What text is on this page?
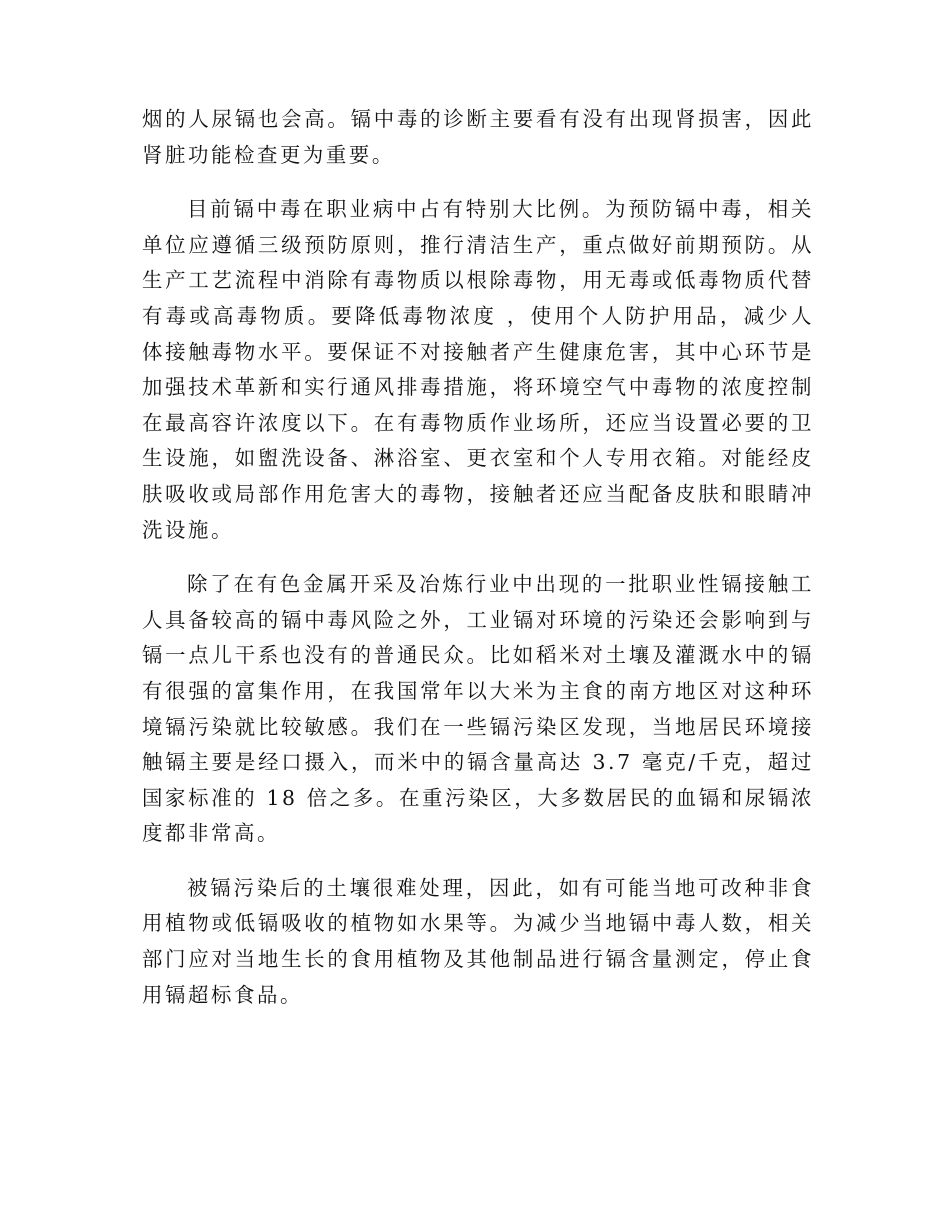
烟的人尿镉也会高。镉中毒的诊断主要看有没有出现肾损害，因此肾脏功能检查更为重要。

目前镉中毒在职业病中占有特别大比例。为预防镉中毒，相关单位应遵循三级预防原则，推行清洁生产，重点做好前期预防。从生产工艺流程中消除有毒物质以根除毒物，用无毒或低毒物质代替有毒或高毒物质。要降低毒物浓度 ，使用个人防护用品，减少人体接触毒物水平。要保证不对接触者产生健康危害，其中心环节是加强技术革新和实行通风排毒措施，将环境空气中毒物的浓度控制在最高容许浓度以下。在有毒物质作业场所，还应当设置必要的卫生设施，如盥洗设备、淋浴室、更衣室和个人专用衣箱。对能经皮肤吸收或局部作用危害大的毒物，接触者还应当配备皮肤和眼睛冲洗设施。

除了在有色金属开采及冶炼行业中出现的一批职业性镉接触工人具备较高的镉中毒风险之外，工业镉对环境的污染还会影响到与镉一点儿干系也没有的普通民众。比如稻米对土壤及灌溉水中的镉有很强的富集作用，在我国常年以大米为主食的南方地区对这种环境镉污染就比较敏感。我们在一些镉污染区发现，当地居民环境接触镉主要是经口摄入，而米中的镉含量高达 3.7 毫克/千克，超过国家标准的 18 倍之多。在重污染区，大多数居民的血镉和尿镉浓度都非常高。

被镉污染后的土壤很难处理，因此，如有可能当地可改种非食用植物或低镉吸收的植物如水果等。为减少当地镉中毒人数，相关部门应对当地生长的食用植物及其他制品进行镉含量测定，停止食用镉超标食品。
